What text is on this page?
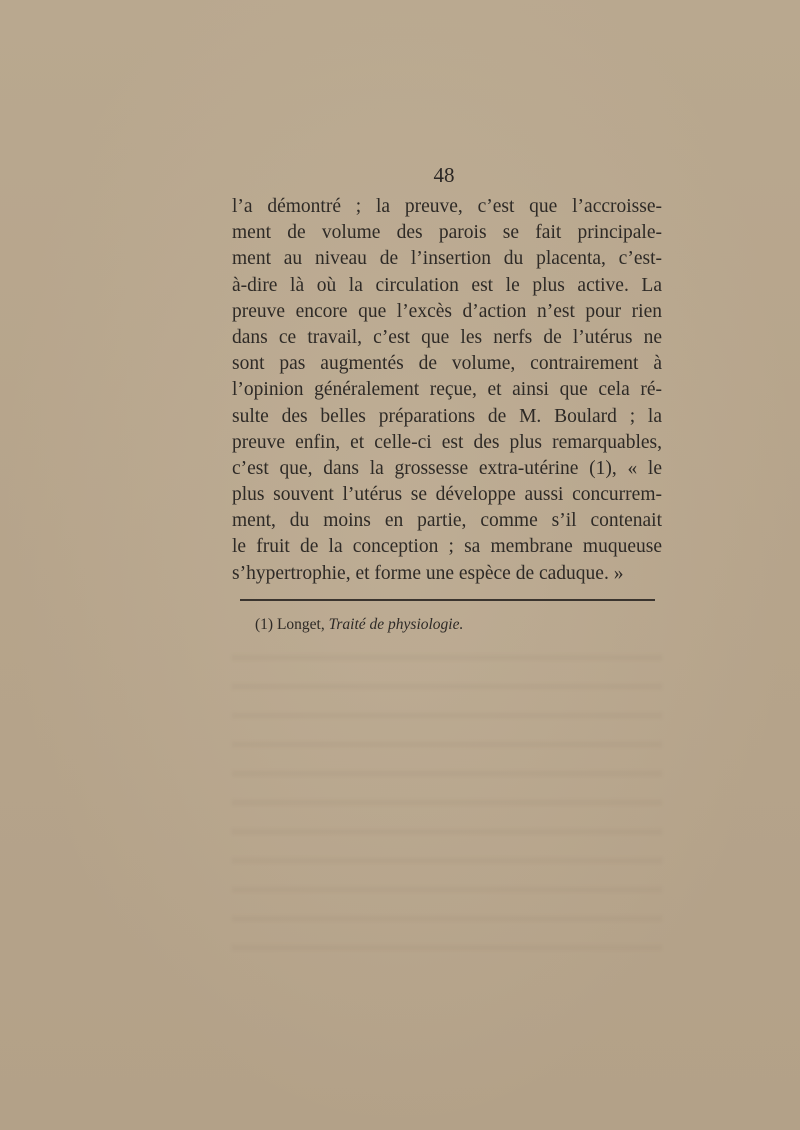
48
l’a démontré ; la preuve, c’est que l’accroisse-
ment de volume des parois se fait principale-
ment au niveau de l’insertion du placenta, c’est-
à-dire là où la circulation est le plus active. La
preuve encore que l’excès d’action n’est pour rien
dans ce travail, c’est que les nerfs de l’utérus ne
sont pas augmentés de volume, contrairement à
l’opinion généralement reçue, et ainsi que cela ré-
sulte des belles préparations de M. Boulard ; la
preuve enfin, et celle-ci est des plus remarquables,
c’est que, dans la grossesse extra-utérine (1), « le
plus souvent l’utérus se développe aussi concurrem-
ment, du moins en partie, comme s’il contenait
le fruit de la conception ; sa membrane muqueuse
s’hypertrophie, et forme une espèce de caduque. »
(1) Longet, Traité de physiologie.
